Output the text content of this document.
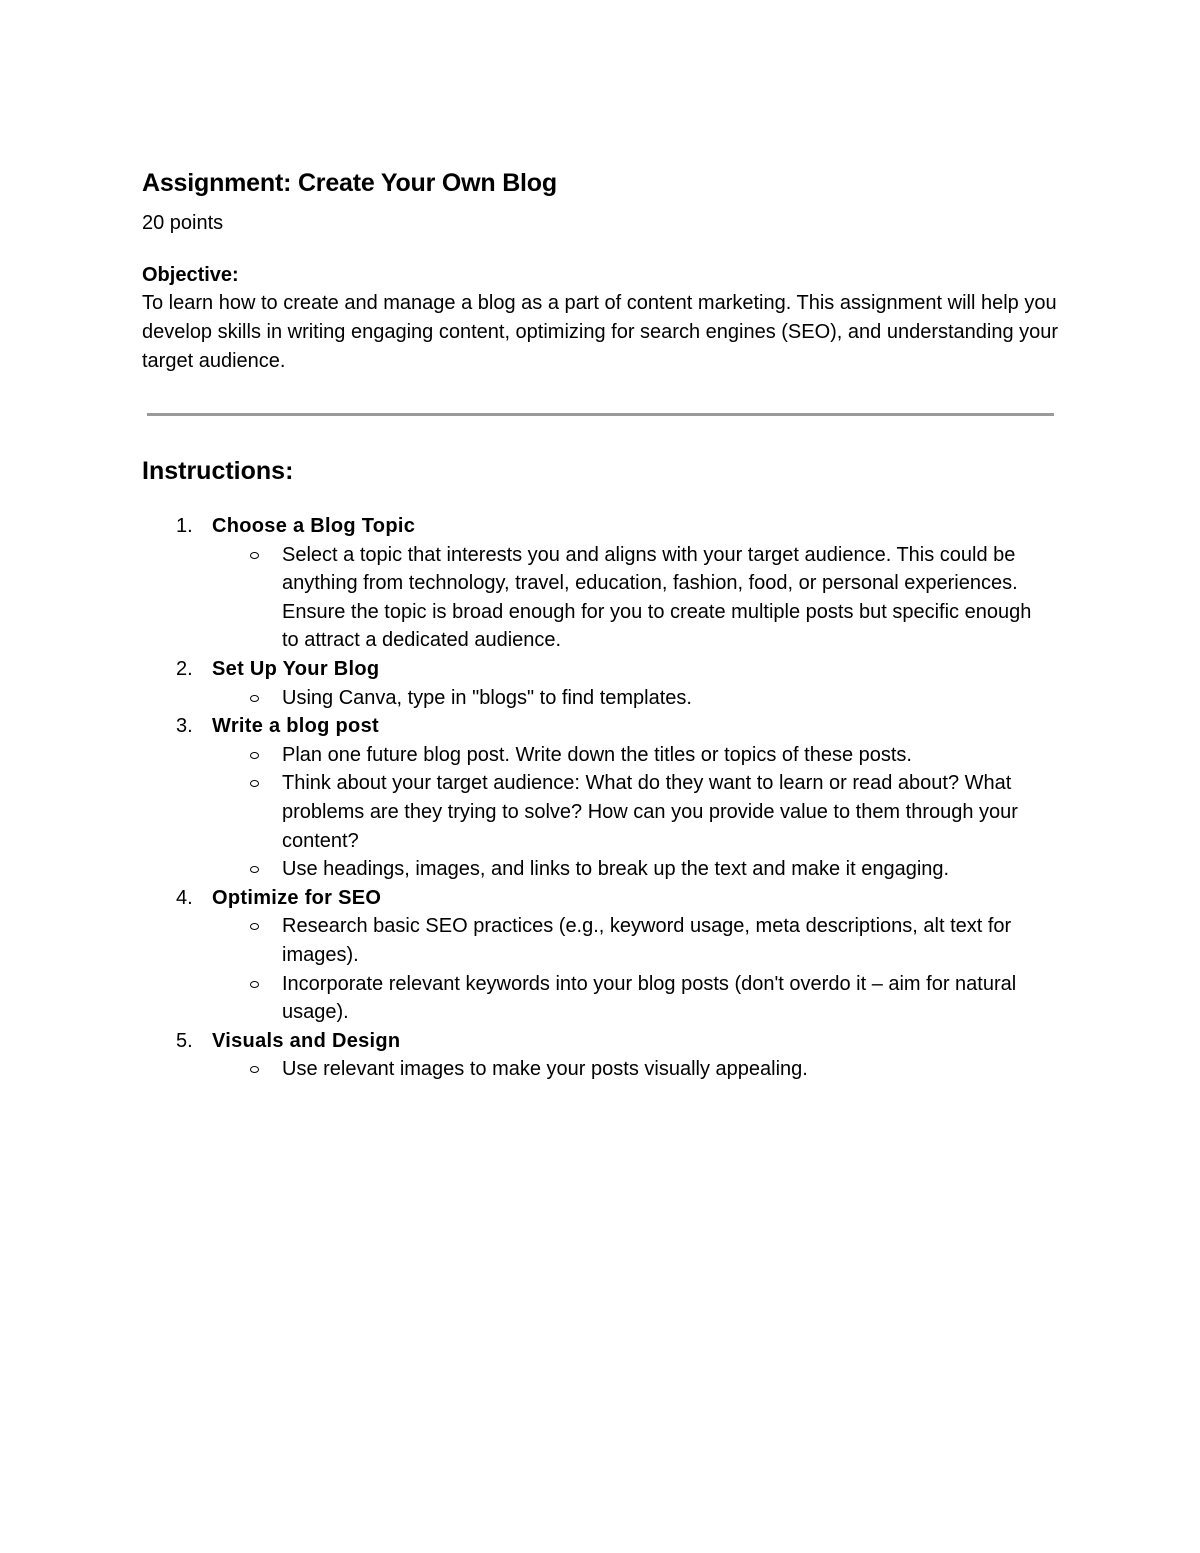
Assignment: Create Your Own Blog
20 points
Objective:

To learn how to create and manage a blog as a part of content marketing. This assignment will help you develop skills in writing engaging content, optimizing for search engines (SEO), and understanding your target audience.

Instructions:
1. Choose a Blog Topic
Select a topic that interests you and aligns with your target audience. This could be anything from technology, travel, education, fashion, food, or personal experiences. Ensure the topic is broad enough for you to create multiple posts but specific enough to attract a dedicated audience.
2. Set Up Your Blog
Using Canva, type in "blogs" to find templates.
3. Write a blog post
Plan one future blog post. Write down the titles or topics of these posts.
Think about your target audience: What do they want to learn or read about? What problems are they trying to solve? How can you provide value to them through your content?
Use headings, images, and links to break up the text and make it engaging.
4. Optimize for SEO
Research basic SEO practices (e.g., keyword usage, meta descriptions, alt text for images).
Incorporate relevant keywords into your blog posts (don't overdo it – aim for natural usage).
5. Visuals and Design
Use relevant images to make your posts visually appealing.
